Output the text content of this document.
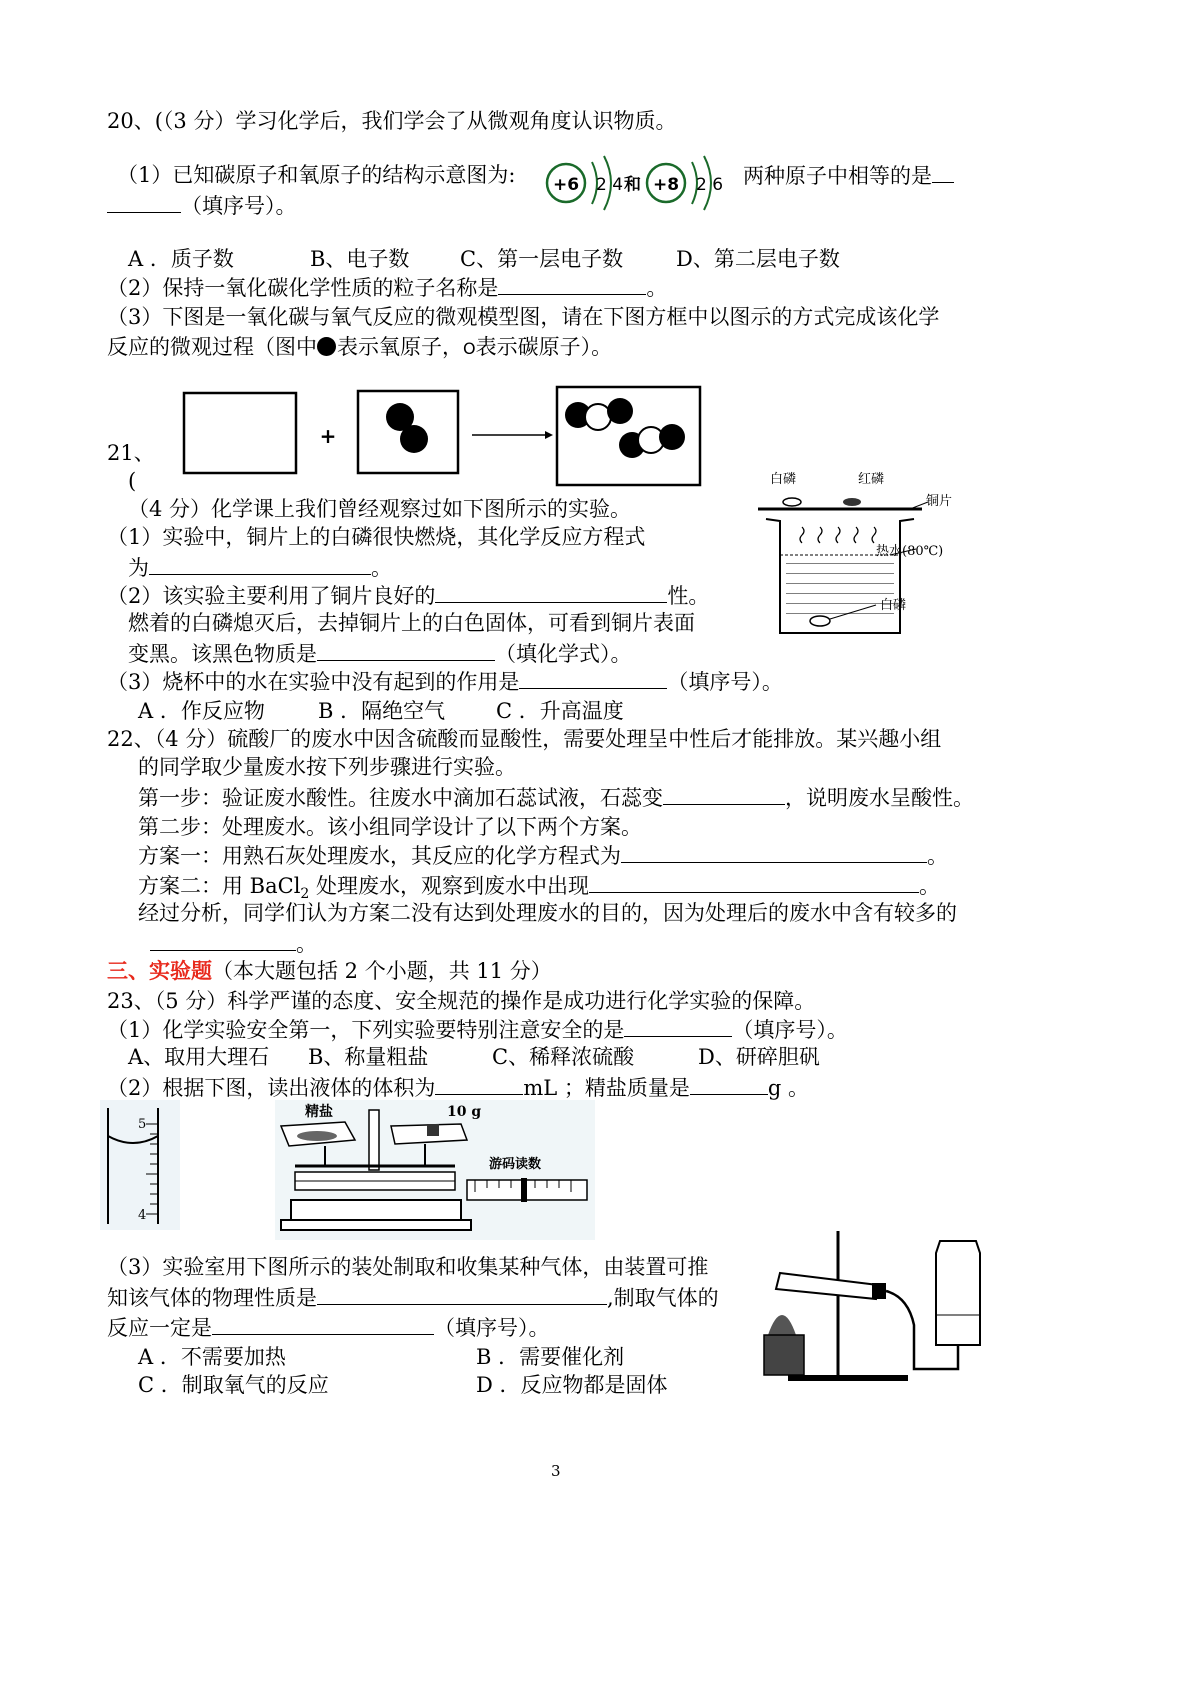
20、(（3 分）学习化学后，我们学会了从微观角度认识物质。
（1）已知碳原子和氧原子的结构示意图为: +6 2 4 和 +8 2 6 两种原子中相等的是
（填序号）。
A ．质子数	B、电子数 C、第一层电子数	D、第二层电子数
（2）保持一氧化碳化学性质的粒子名称是	。
（3）下图是一氧化碳与氧气反应的微观模型图，请在下图方框中以图示的方式完成该化学
反应的微观过程（图中 表示氧原子，O表示碳原子）。
+
21、
(
（4 分）化学课上我们曾经观察过如下图所示的实验。
（1）实验中，铜片上的白磷很快燃烧，其化学反应方程式
为	。
（2）该实验主要利用了铜片良好的	性。
燃着的白磷熄灭后，去掉铜片上的白色固体，可看到铜片表面
变黑。该黑色物质是	（填化学式）。
（3）烧杯中的水在实验中没有起到的作用是	（填序号）。
A ．作反应物	B ．隔绝空气 C ．升高温度
白磷	红磷
铜片
热水(80℃)
白磷
22、（4 分）硫酸厂的废水中因含硫酸而显酸性，需要处理呈中性后才能排放。某兴趣小组
的同学取少量废水按下列步骤进行实验。
第一步：验证废水酸性。往废水中滴加石蕊试液，石蕊变	，说明废水呈酸性。
第二步：处理废水。该小组同学设计了以下两个方案。
方案一：用熟石灰处理废水，其反应的化学方程式为	。
方案二：用 BaCl$_2$ 处理废水，观察到废水中出现	。
经过分析，同学们认为方案二没有达到处理废水的目的，因为处理后的废水中含有较多的
。
三、实验题（本大题包括 2 个小题，共 11 分）
23、（5 分）科学严谨的态度、安全规范的操作是成功进行化学实验的保障。
（1）化学实验安全第一，下列实验要特别注意安全的是	（填序号）。
A、取用大理石 B、称量粗盐	C、稀释浓硫酸	D、研碎胆矾
（2）根据下图，读出液体的体积为	mL ；精盐质量是	g 。
5
4
精盐	10 g
游码读数
（3）实验室用下图所示的装处制取和收集某种气体，由装置可推
知该气体的物理性质是	,制取气体的
反应一定是	（填序号）。
A ．不需要加热	B ．需要催化剂
C ．制取氧气的反应	D ．反应物都是固体
3
